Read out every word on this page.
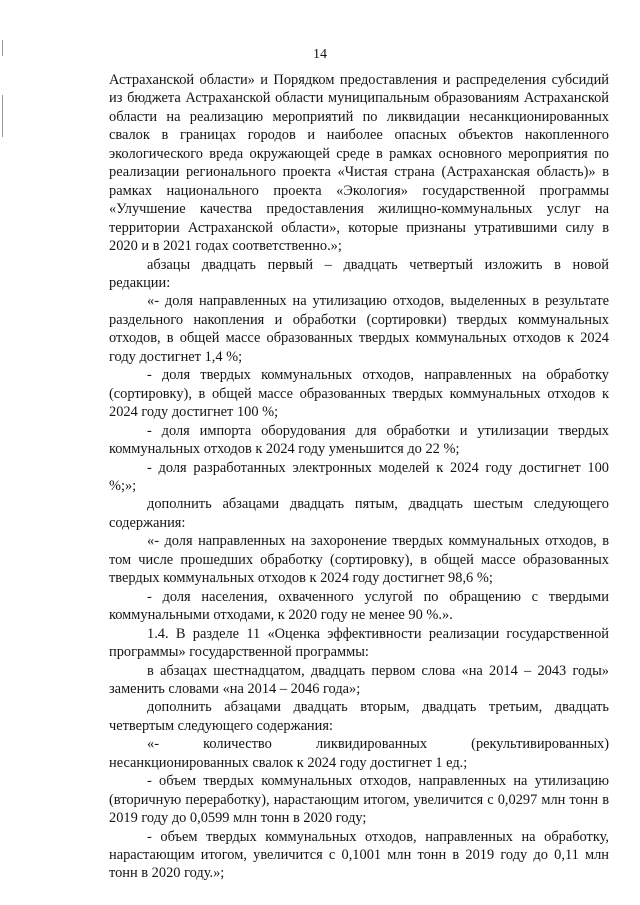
14

Астраханской области» и Порядком предоставления и распределения субсидий из бюджета Астраханской области муниципальным образованиям Астраханской области на реализацию мероприятий по ликвидации несанкционированных свалок в границах городов и наиболее опасных объектов накопленного экологического вреда окружающей среде в рамках основного мероприятия по реализации регионального проекта «Чистая страна (Астраханская область)» в рамках национального проекта «Экология» государственной программы «Улучшение качества предоставления жилищно-коммунальных услуг на территории Астраханской области», которые признаны утратившими силу в 2020 и в 2021 годах соответственно.»;

абзацы двадцать первый – двадцать четвертый изложить в новой редакции:

«- доля направленных на утилизацию отходов, выделенных в результате раздельного накопления и обработки (сортировки) твердых коммунальных отходов, в общей массе образованных твердых коммунальных отходов к 2024 году достигнет 1,4 %;

- доля твердых коммунальных отходов, направленных на обработку (сортировку), в общей массе образованных твердых коммунальных отходов к 2024 году достигнет 100 %;

- доля импорта оборудования для обработки и утилизации твердых коммунальных отходов к 2024 году уменьшится до 22 %;

- доля разработанных электронных моделей к 2024 году достигнет 100 %;»;

дополнить абзацами двадцать пятым, двадцать шестым следующего содержания:

«- доля направленных на захоронение твердых коммунальных отходов, в том числе прошедших обработку (сортировку), в общей массе образованных твердых коммунальных отходов к 2024 году достигнет 98,6 %;

- доля населения, охваченного услугой по обращению с твердыми коммунальными отходами, к 2020 году не менее 90 %.».

1.4. В разделе 11 «Оценка эффективности реализации государственной программы» государственной программы:

в абзацах шестнадцатом, двадцать первом слова «на 2014 – 2043 годы» заменить словами «на 2014 – 2046 года»;

дополнить абзацами двадцать вторым, двадцать третьим, двадцать четвертым следующего содержания:

«- количество ликвидированных (рекультивированных) несанкционированных свалок к 2024 году достигнет 1 ед.;

- объем твердых коммунальных отходов, направленных на утилизацию (вторичную переработку), нарастающим итогом, увеличится с 0,0297 млн тонн в 2019 году до 0,0599 млн тонн в 2020 году;

- объем твердых коммунальных отходов, направленных на обработку, нарастающим итогом, увеличится с 0,1001 млн тонн в 2019 году до 0,11 млн тонн в 2020 году.»;
